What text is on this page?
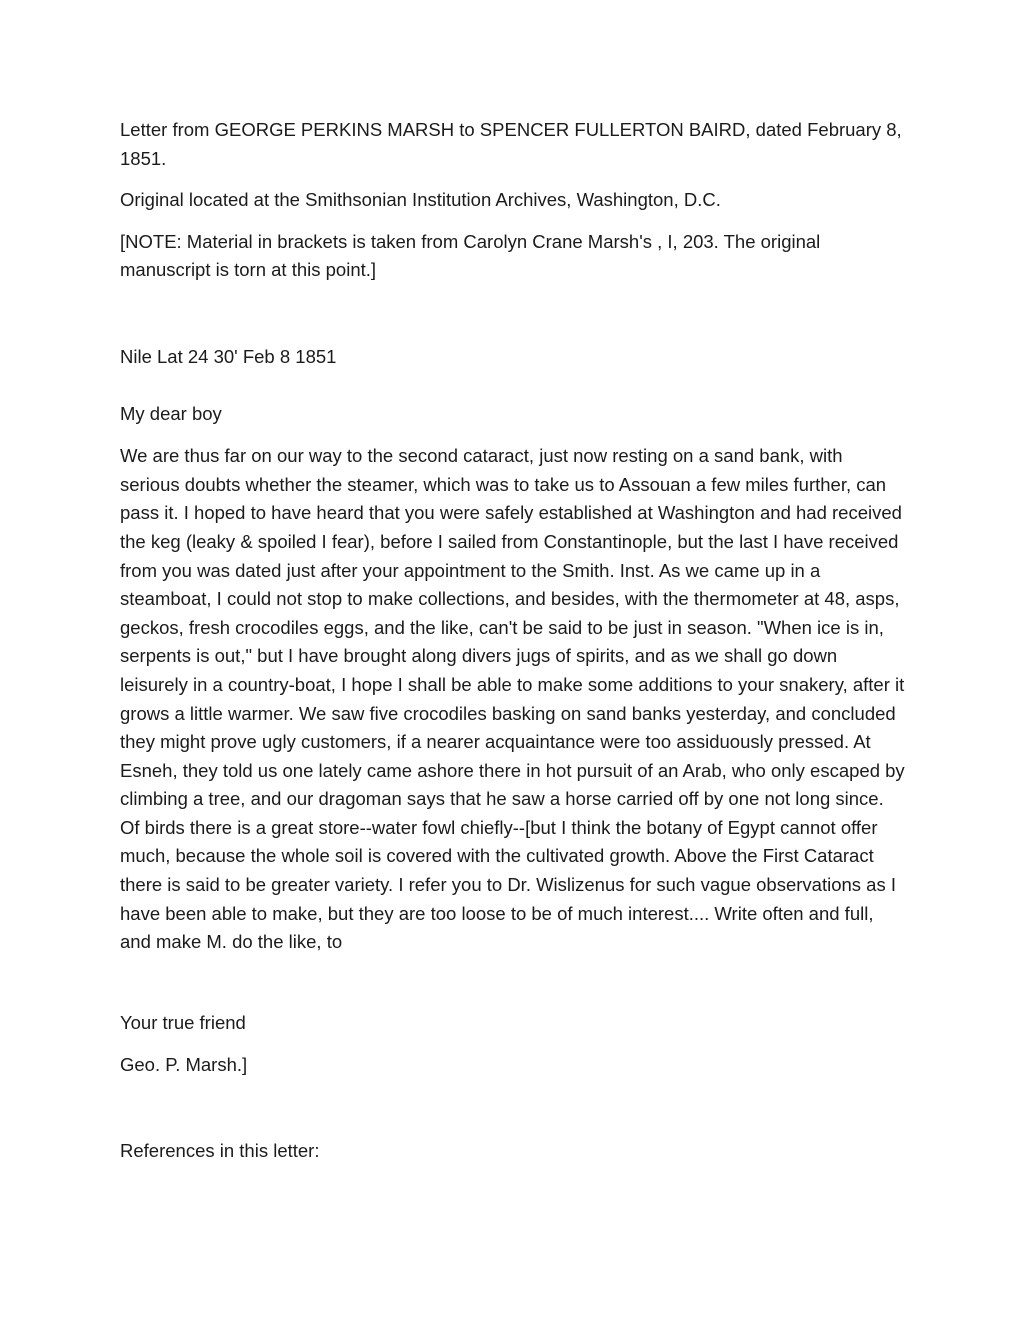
Letter from GEORGE PERKINS MARSH to SPENCER FULLERTON BAIRD, dated February 8, 1851.

Original located at the Smithsonian Institution Archives, Washington, D.C.

[NOTE: Material in brackets is taken from Carolyn Crane Marsh's , I, 203. The original manuscript is torn at this point.]

Nile Lat 24 30' Feb 8 1851

My dear boy

We are thus far on our way to the second cataract, just now resting on a sand bank, with serious doubts whether the steamer, which was to take us to Assouan a few miles further, can pass it. I hoped to have heard that you were safely established at Washington and had received the keg (leaky & spoiled I fear), before I sailed from Constantinople, but the last I have received from you was dated just after your appointment to the Smith. Inst. As we came up in a steamboat, I could not stop to make collections, and besides, with the thermometer at 48, asps, geckos, fresh crocodiles eggs, and the like, can't be said to be just in season. "When ice is in, serpents is out," but I have brought along divers jugs of spirits, and as we shall go down leisurely in a country-boat, I hope I shall be able to make some additions to your snakery, after it grows a little warmer. We saw five crocodiles basking on sand banks yesterday, and concluded they might prove ugly customers, if a nearer acquaintance were too assiduously pressed. At Esneh, they told us one lately came ashore there in hot pursuit of an Arab, who only escaped by climbing a tree, and our dragoman says that he saw a horse carried off by one not long since. Of birds there is a great store--water fowl chiefly--[but I think the botany of Egypt cannot offer much, because the whole soil is covered with the cultivated growth. Above the First Cataract there is said to be greater variety. I refer you to Dr. Wislizenus for such vague observations as I have been able to make, but they are too loose to be of much interest.... Write often and full, and make M. do the like, to

Your true friend

Geo. P. Marsh.]

References in this letter:
